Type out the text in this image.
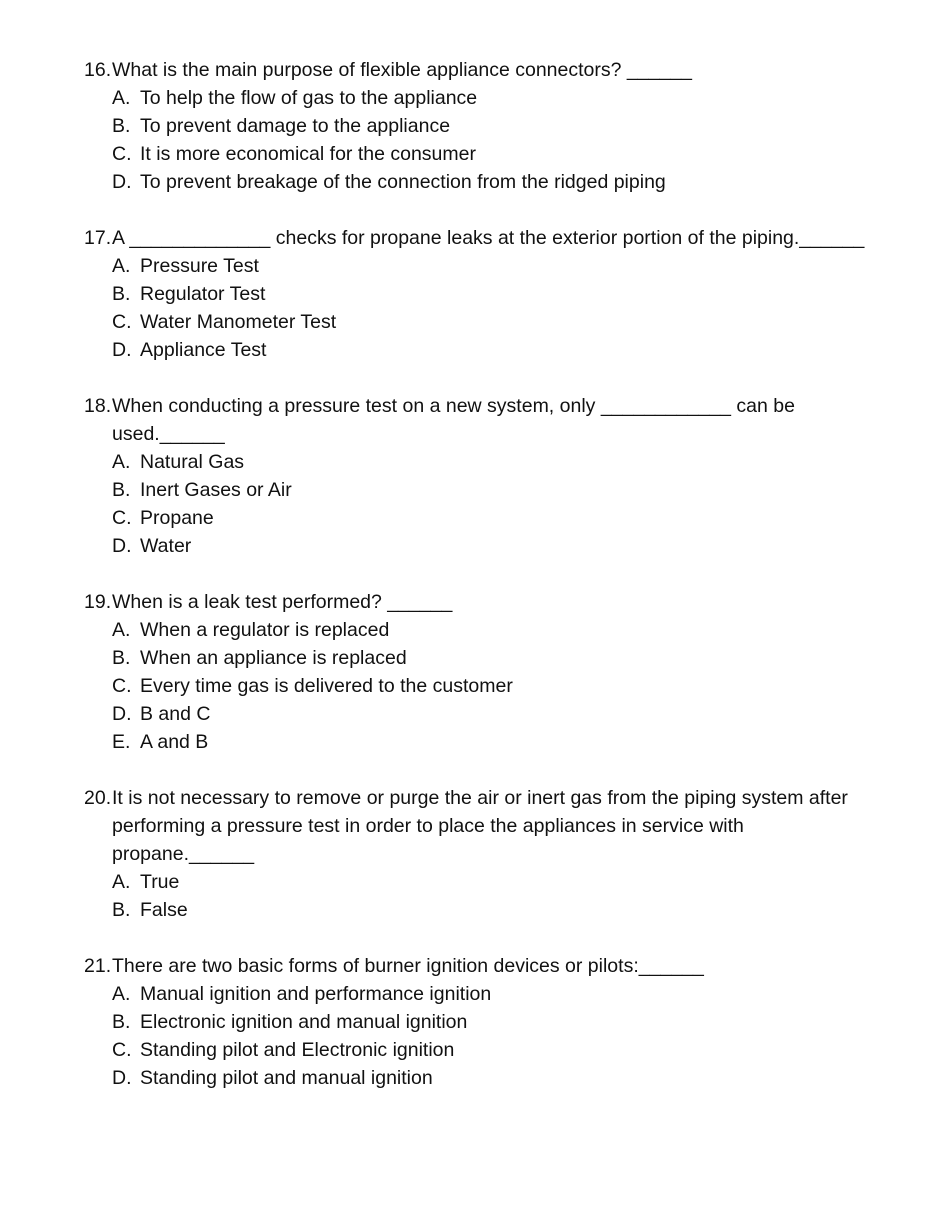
16. What is the main purpose of flexible appliance connectors? ______
A. To help the flow of gas to the appliance
B. To prevent damage to the appliance
C. It is more economical for the consumer
D. To prevent breakage of the connection from the ridged piping
17. A _____________ checks for propane leaks at the exterior portion of the piping.______
A. Pressure Test
B. Regulator Test
C. Water Manometer Test
D. Appliance Test
18. When conducting a pressure test on a new system, only ____________ can be used.______
A. Natural Gas
B. Inert Gases or Air
C. Propane
D. Water
19. When is a leak test performed? ______
A. When a regulator is replaced
B. When an appliance is replaced
C. Every time gas is delivered to the customer
D. B and C
E. A and B
20. It is not necessary to remove or purge the air or inert gas from the piping system after performing a pressure test in order to place the appliances in service with propane.______
A. True
B. False
21. There are two basic forms of burner ignition devices or pilots:______
A. Manual ignition and performance ignition
B. Electronic ignition and manual ignition
C. Standing pilot and Electronic ignition
D. Standing pilot and manual ignition
